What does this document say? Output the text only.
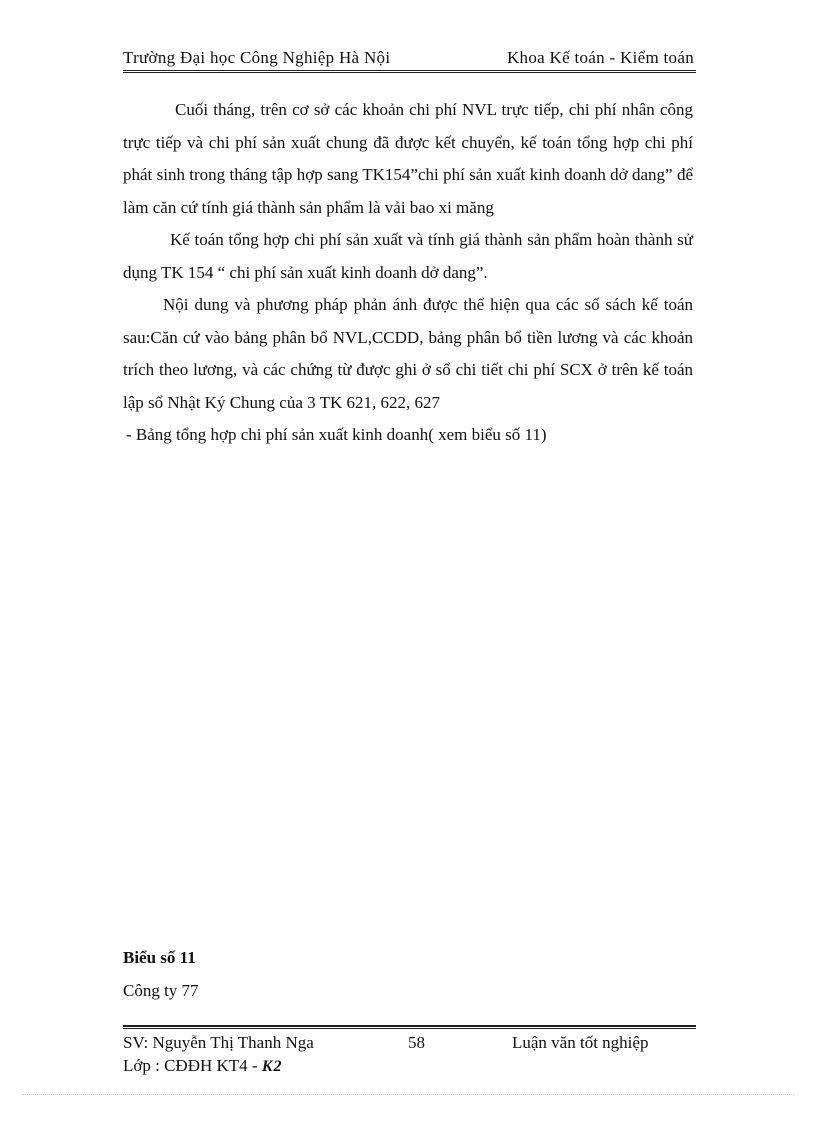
Trường Đại học Công Nghiệp Hà Nội	Khoa Kế toán - Kiểm toán

Cuối tháng, trên cơ sở các khoản chi phí NVL trực tiếp, chi phí nhân công trực tiếp và chi phí sản xuất chung đã được kết chuyển, kế toán tổng hợp chi phí phát sinh trong tháng tập hợp sang TK154”chi phí sản xuất kinh doanh dở dang” để làm căn cứ tính giá thành sản phẩm là vải bao xi măng

Kế toán tổng hợp chi phí sản xuất và tính giá thành sản phẩm hoàn thành sử dụng TK 154 “ chi phí sản xuất kinh doanh dở dang”.

Nội dung và phương pháp phản ánh được thể hiện qua các số sách kế toán sau:Căn cứ vào bảng phân bổ NVL,CCDD, bảng phân bổ tiền lương và các khoản trích theo lương, và các chứng từ được ghi ở sổ chi tiết chi phí SCX ở trên kế toán lập sổ Nhật Ký Chung của 3 TK 621, 622, 627

- Bảng tổng hợp chi phí sản xuất kinh doanh( xem biểu số 11)

Biểu số 11
Công ty 77
SV: Nguyễn Thị Thanh Nga	58	Luận văn tốt nghiệp
Lớp : CĐĐH KT4 - K2
